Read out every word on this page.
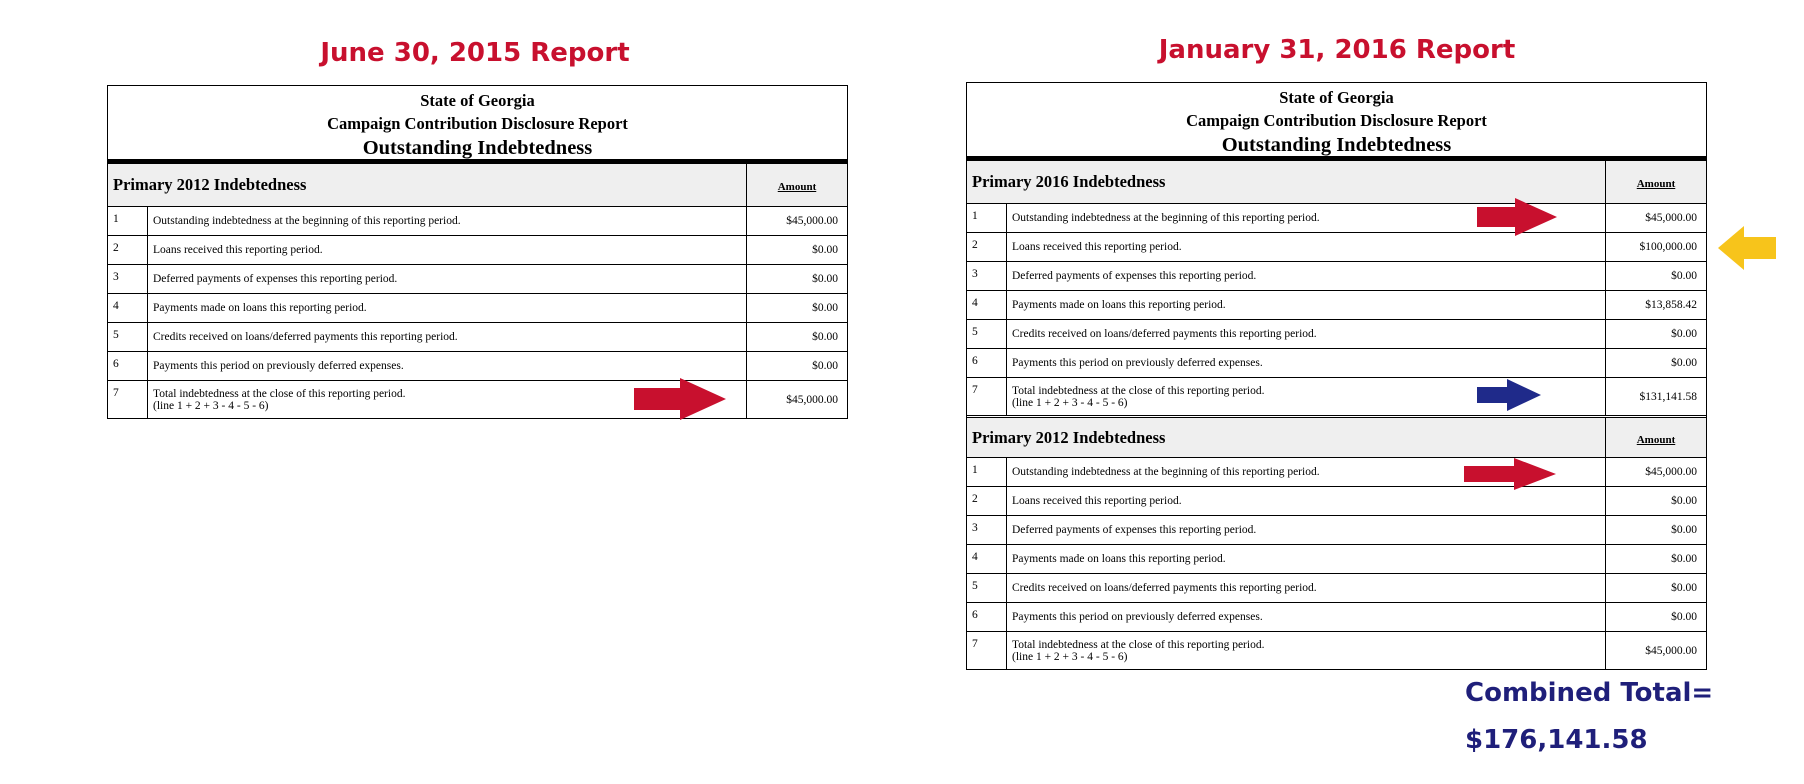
June 30, 2015 Report
State of Georgia
Campaign Contribution Disclosure Report
Outstanding Indebtedness
Primary 2012 Indebtedness	Amount
1	Outstanding indebtedness at the beginning of this reporting period.	$45,000.00
2	Loans received this reporting period.	$0.00
3	Deferred payments of expenses this reporting period.	$0.00
4	Payments made on loans this reporting period.	$0.00
5	Credits received on loans/deferred payments this reporting period.	$0.00
6	Payments this period on previously deferred expenses.	$0.00
7	Total indebtedness at the close of this reporting period.
(line 1 + 2 + 3 - 4 - 5 - 6)	$45,000.00
January 31, 2016 Report
State of Georgia
Campaign Contribution Disclosure Report
Outstanding Indebtedness
Primary 2016 Indebtedness	Amount
1	Outstanding indebtedness at the beginning of this reporting period.	$45,000.00
2	Loans received this reporting period.	$100,000.00
3	Deferred payments of expenses this reporting period.	$0.00
4	Payments made on loans this reporting period.	$13,858.42
5	Credits received on loans/deferred payments this reporting period.	$0.00
6	Payments this period on previously deferred expenses.	$0.00
7	Total indebtedness at the close of this reporting period.
(line 1 + 2 + 3 - 4 - 5 - 6)	$131,141.58
Primary 2012 Indebtedness	Amount
1	Outstanding indebtedness at the beginning of this reporting period.	$45,000.00
2	Loans received this reporting period.	$0.00
3	Deferred payments of expenses this reporting period.	$0.00
4	Payments made on loans this reporting period.	$0.00
5	Credits received on loans/deferred payments this reporting period.	$0.00
6	Payments this period on previously deferred expenses.	$0.00
7	Total indebtedness at the close of this reporting period.
(line 1 + 2 + 3 - 4 - 5 - 6)	$45,000.00
Combined Total=
$176,141.58
